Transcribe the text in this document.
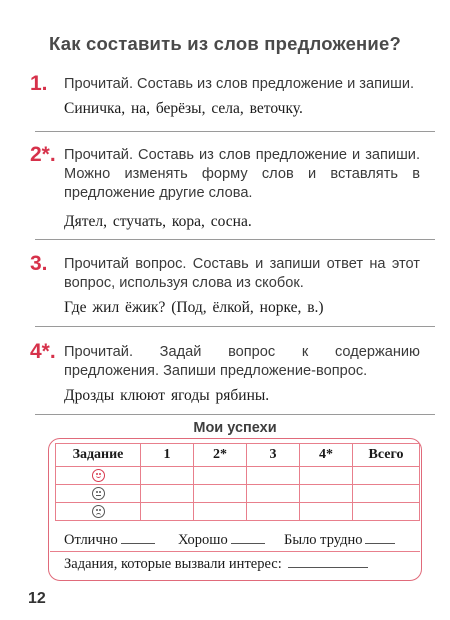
Как составить из слов предложение?
1. Прочитай. Составь из слов предложение и запиши.
Синичка, на, берёзы, села, веточку.
2*. Прочитай. Составь из слов предложение и запиши. Можно изменять форму слов и вставлять в предложение другие слова.
Дятел, стучать, кора, сосна.
3. Прочитай вопрос. Составь и запиши ответ на этот вопрос, используя слова из скобок.
Где жил ёжик? (Под, ёлкой, норке, в.)
4*. Прочитай. Задай вопрос к содержанию предложения. Запиши предложение-вопрос.
Дрозды клюют ягоды рябины.
Мои успехи
Задание	1	2*	3	4*	Всего

Отлично	Хорошо	Было трудно
Задания, которые вызвали интерес:
12
